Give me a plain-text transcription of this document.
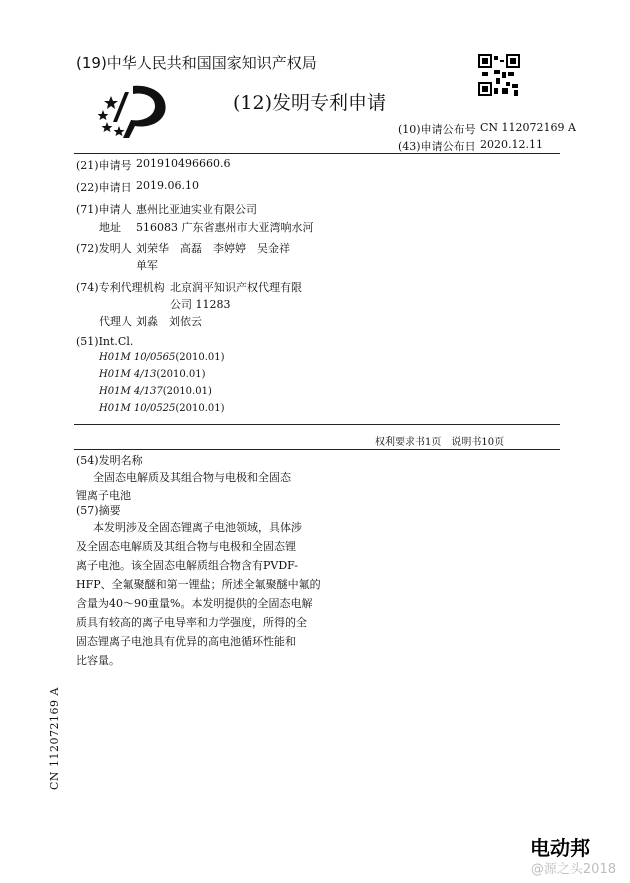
(19)中华人民共和国国家知识产权局
(12)发明专利申请
(10)申请公布号 CN 112072169 A
(43)申请公布日 2020.12.11
(21)申请号 201910496660.6
(22)申请日 2019.06.10
(71)申请人 惠州比亚迪实业有限公司
地址 516083 广东省惠州市大亚湾响水河
(72)发明人 刘荣华　高磊　李婷婷　吴金祥
单军
(74)专利代理机构 北京润平知识产权代理有限
公司 11283
代理人 刘淼　刘依云
(51)Int.Cl.
H01M 10/0565(2010.01)
H01M 4/13(2010.01)
H01M 4/137(2010.01)
H01M 10/0525(2010.01)
权利要求书1页　说明书10页
(54)发明名称
全固态电解质及其组合物与电极和全固态
锂离子电池
(57)摘要
本发明涉及全固态锂离子电池领域，具体涉
及全固态电解质及其组合物与电极和全固态锂
离子电池。该全固态电解质组合物含有PVDF-
HFP、全氟聚醚和第一锂盐；所述全氟聚醚中氟的
含量为40～90重量%。本发明提供的全固态电解
质具有较高的离子电导率和力学强度，所得的全
固态锂离子电池具有优异的高电池循环性能和
比容量。
CN 112072169 A
电动邦
@源之头2018
